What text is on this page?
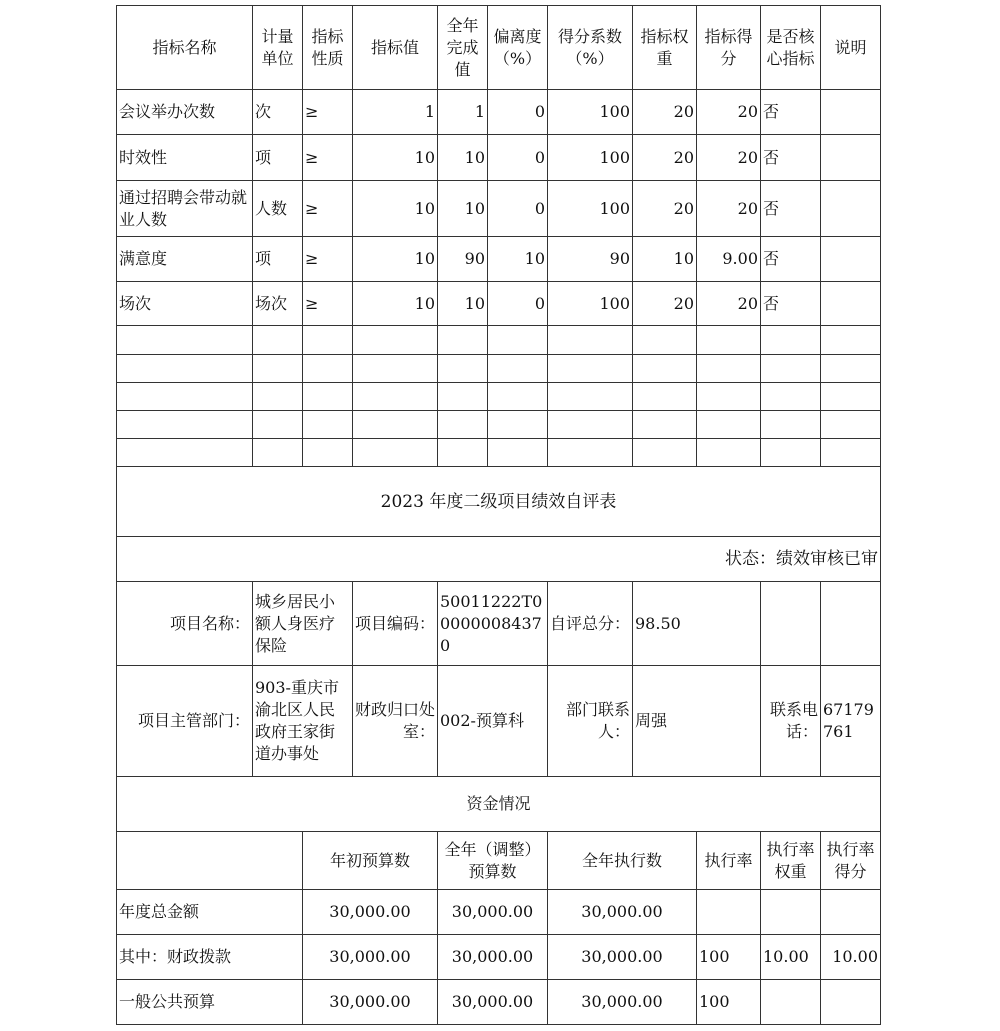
指标名称	计量单位	指标性质	指标值	全年完成值	偏离度（%）	得分系数（%）	指标权重	指标得分	是否核心指标	说明
会议举办次数	次	≥	1	1	0	100	20	20	否	
时效性	项	≥	10	10	0	100	20	20	否	
通过招聘会带动就业人数	人数	≥	10	10	0	100	20	20	否	
满意度	项	≥	10	90	10	90	10	9.00	否	
场次	场次	≥	10	10	0	100	20	20	否	

2023 年度二级项目绩效自评表										
状态：绩效审核已审										
项目名称：	城乡居民小额人身医疗保险		项目编码：	50011222T000000084370		自评总分：	98.50			
项目主管部门：	903-重庆市渝北区人民政府王家街道办事处		财政归口处室：	002-预算科		部门联系人：	周强		联系电话：	67179761
资金情况										
		年初预算数		全年（调整）预算数		全年执行数		执行率	执行率权重	执行率得分
年度总金额		30,000.00		30,000.00		30,000.00				
其中：财政拨款		30,000.00		30,000.00		30,000.00		100	10.00	10.00
一般公共预算		30,000.00		30,000.00		30,000.00		100		
